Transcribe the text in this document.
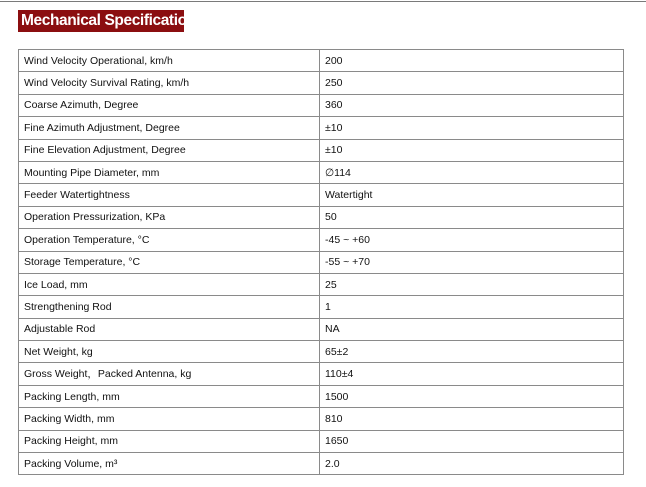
Mechanical Specifications
Wind Velocity Operational, km/h	200
Wind Velocity Survival Rating, km/h	250
Coarse Azimuth, Degree	360
Fine Azimuth Adjustment, Degree	±10
Fine Elevation Adjustment, Degree	±10
Mounting Pipe Diameter, mm	∅114
Feeder Watertightness	Watertight
Operation Pressurization, KPa	50
Operation Temperature, °C	-45 ~ +60
Storage Temperature, °C	-55 ~ +70
Ice Load, mm	25
Strengthening Rod	1
Adjustable Rod	NA
Net Weight, kg	65±2
Gross Weight，Packed Antenna, kg	110±4
Packing Length, mm	1500
Packing Width, mm	810
Packing Height, mm	1650
Packing Volume, m³	2.0
